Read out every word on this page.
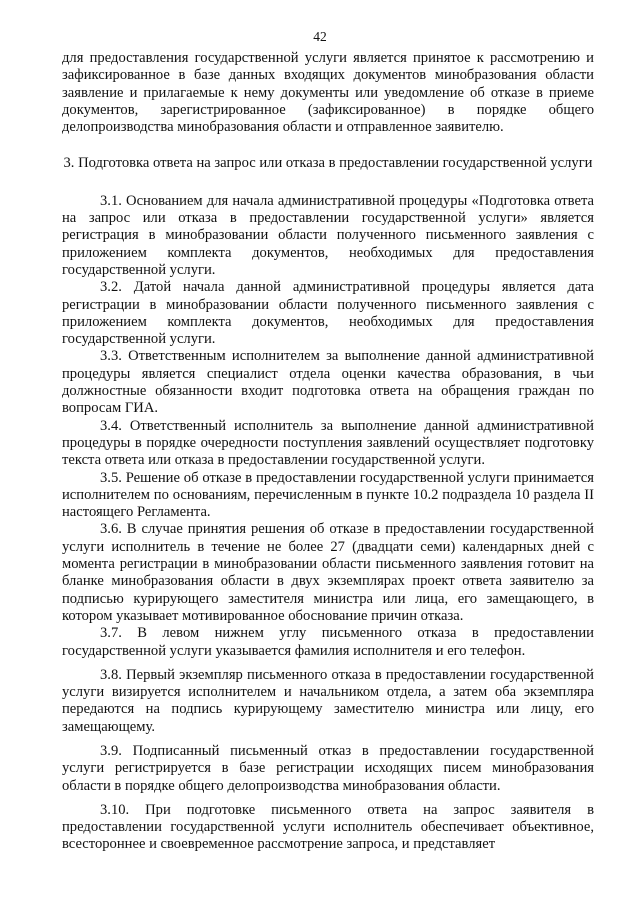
42

для предоставления государственной услуги является принятое к рассмотрению и зафиксированное в базе данных входящих документов минобразования области заявление и прилагаемые к нему документы или уведомление об отказе в приеме документов, зарегистрированное (зафиксированное) в порядке общего делопроизводства минобразования области и отправленное заявителю.

3. Подготовка ответа на запрос или отказа в предоставлении государственной услуги

3.1. Основанием для начала административной процедуры «Подготовка ответа на запрос или отказа в предоставлении государственной услуги» является регистрация в минобразовании области полученного письменного заявления с приложением комплекта документов, необходимых для предоставления государственной услуги.

3.2. Датой начала данной административной процедуры является дата регистрации в минобразовании области полученного письменного заявления с приложением комплекта документов, необходимых для предоставления государственной услуги.

3.3. Ответственным исполнителем за выполнение данной административной процедуры является специалист отдела оценки качества образования, в чьи должностные обязанности входит подготовка ответа на обращения граждан по вопросам ГИА.

3.4. Ответственный исполнитель за выполнение данной административной процедуры в порядке очередности поступления заявлений осуществляет подготовку текста ответа или отказа в предоставлении государственной услуги.

3.5. Решение об отказе в предоставлении государственной услуги принимается исполнителем по основаниям, перечисленным в пункте 10.2 подраздела 10 раздела II настоящего Регламента.

3.6. В случае принятия решения об отказе в предоставлении государственной услуги исполнитель в течение не более 27 (двадцати семи) календарных дней с момента регистрации в минобразовании области письменного заявления готовит на бланке минобразования области в двух экземплярах проект ответа заявителю за подписью курирующего заместителя министра или лица, его замещающего, в котором указывает мотивированное обоснование причин отказа.

3.7. В левом нижнем углу письменного отказа в предоставлении государственной услуги указывается фамилия исполнителя и его телефон.

3.8. Первый экземпляр письменного отказа в предоставлении государственной услуги визируется исполнителем и начальником отдела, а затем оба экземпляра передаются на подпись курирующему заместителю министра или лицу, его замещающему.

3.9. Подписанный письменный отказ в предоставлении государственной услуги регистрируется в базе регистрации исходящих писем минобразования области в порядке общего делопроизводства минобразования области.

3.10. При подготовке письменного ответа на запрос заявителя в предоставлении государственной услуги исполнитель обеспечивает объективное, всестороннее и своевременное рассмотрение запроса, и представляет
